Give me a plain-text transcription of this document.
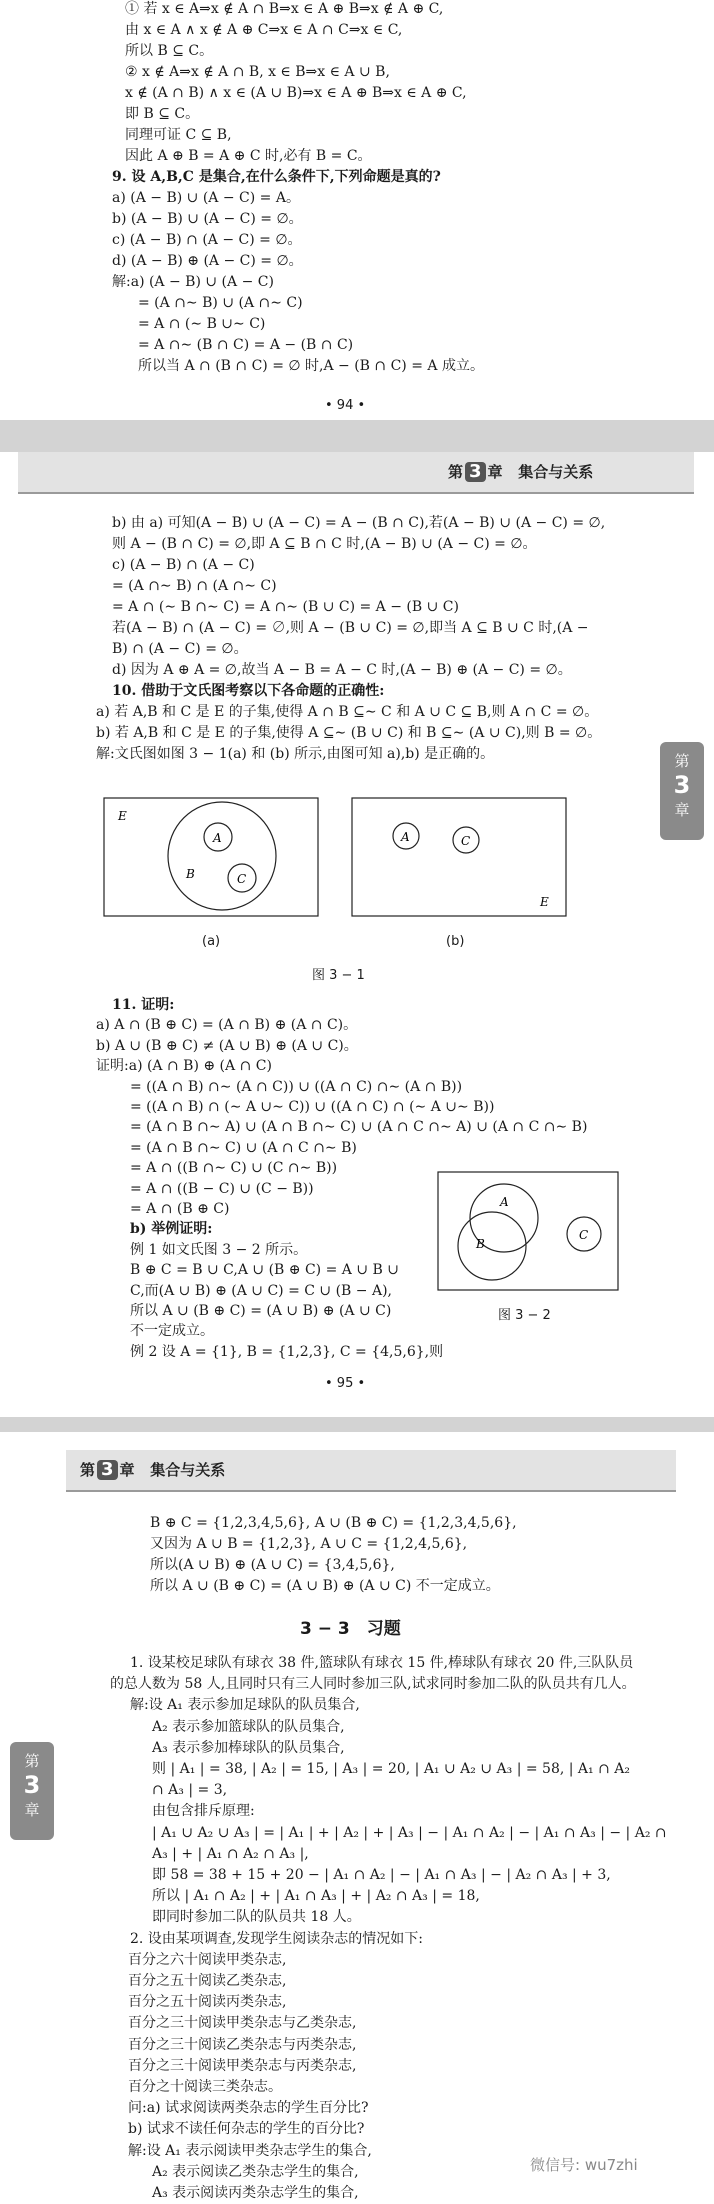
① 若 x ∈ A⇒x ∉ A ∩ B⇒x ∈ A ⊕ B⇒x ∉ A ⊕ C,
由 x ∈ A ∧ x ∉ A ⊕ C⇒x ∈ A ∩ C⇒x ∈ C,
所以 B ⊆ C。
② x ∉ A⇒x ∉ A ∩ B, x ∈ B⇒x ∈ A ∪ B,
x ∉ (A ∩ B) ∧ x ∈ (A ∪ B)⇒x ∈ A ⊕ B⇒x ∈ A ⊕ C,
即 B ⊆ C。
同理可证 C ⊆ B,
因此 A ⊕ B = A ⊕ C 时,必有 B = C。
9. 设 A,B,C 是集合,在什么条件下,下列命题是真的?
a) (A − B) ∪ (A − C) = A。
b) (A − B) ∪ (A − C) = ∅。
c) (A − B) ∩ (A − C) = ∅。
d) (A − B) ⊕ (A − C) = ∅。
解:a) (A − B) ∪ (A − C)
= (A ∩∼ B) ∪ (A ∩∼ C)
= A ∩ (∼ B ∪∼ C)
= A ∩∼ (B ∩ C) = A − (B ∩ C)
所以当 A ∩ (B ∩ C) = ∅ 时,A − (B ∩ C) = A 成立。
• 94 •
第 3 章 集合与关系
第
3
章
b) 由 a) 可知(A − B) ∪ (A − C) = A − (B ∩ C),若(A − B) ∪ (A − C) = ∅,
则 A − (B ∩ C) = ∅,即 A ⊆ B ∩ C 时,(A − B) ∪ (A − C) = ∅。
c) (A − B) ∩ (A − C)
= (A ∩∼ B) ∩ (A ∩∼ C)
= A ∩ (∼ B ∩∼ C) = A ∩∼ (B ∪ C) = A − (B ∪ C)
若(A − B) ∩ (A − C) = ∅,则 A − (B ∪ C) = ∅,即当 A ⊆ B ∪ C 时,(A −
B) ∩ (A − C) = ∅。
d) 因为 A ⊕ A = ∅,故当 A − B = A − C 时,(A − B) ⊕ (A − C) = ∅。
10. 借助于文氏图考察以下各命题的正确性:
a) 若 A,B 和 C 是 E 的子集,使得 A ∩ B ⊆∼ C 和 A ∪ C ⊆ B,则 A ∩ C = ∅。
b) 若 A,B 和 C 是 E 的子集,使得 A ⊆∼ (B ∪ C) 和 B ⊆∼ (A ∪ C),则 B = ∅。
解:文氏图如图 3 − 1(a) 和 (b) 所示,由图可知 a),b) 是正确的。
E
A
C
B
A	C
E
(a)	(b)
图 3 − 1
11. 证明:
a) A ∩ (B ⊕ C) = (A ∩ B) ⊕ (A ∩ C)。
b) A ∪ (B ⊕ C) ≠ (A ∪ B) ⊕ (A ∪ C)。
证明:a) (A ∩ B) ⊕ (A ∩ C)
= ((A ∩ B) ∩∼ (A ∩ C)) ∪ ((A ∩ C) ∩∼ (A ∩ B))
= ((A ∩ B) ∩ (∼ A ∪∼ C)) ∪ ((A ∩ C) ∩ (∼ A ∪∼ B))
= (A ∩ B ∩∼ A) ∪ (A ∩ B ∩∼ C) ∪ (A ∩ C ∩∼ A) ∪ (A ∩ C ∩∼ B)
= (A ∩ B ∩∼ C) ∪ (A ∩ C ∩∼ B)
= A ∩ ((B ∩∼ C) ∪ (C ∩∼ B))
= A ∩ ((B − C) ∪ (C − B))
= A ∩ (B ⊕ C)
b) 举例证明:
例 1 如文氏图 3 − 2 所示。
B ⊕ C = B ∪ C,A ∪ (B ⊕ C) = A ∪ B ∪
C,而(A ∪ B) ⊕ (A ∪ C) = C ∪ (B − A),
所以 A ∪ (B ⊕ C) = (A ∪ B) ⊕ (A ∪ C)
不一定成立。
例 2 设 A = {1}, B = {1,2,3}, C = {4,5,6},则
A
B
C
图 3 − 2
• 95 •
第 3 章 集合与关系
第
3
章
B ⊕ C = {1,2,3,4,5,6}, A ∪ (B ⊕ C) = {1,2,3,4,5,6},
又因为 A ∪ B = {1,2,3}, A ∪ C = {1,2,4,5,6},
所以(A ∪ B) ⊕ (A ∪ C) = {3,4,5,6},
所以 A ∪ (B ⊕ C) = (A ∪ B) ⊕ (A ∪ C) 不一定成立。
3 − 3　习题
1. 设某校足球队有球衣 38 件,篮球队有球衣 15 件,棒球队有球衣 20 件,三队队员
的总人数为 58 人,且同时只有三人同时参加三队,试求同时参加二队的队员共有几人。
解:设 A₁ 表示参加足球队的队员集合,
A₂ 表示参加篮球队的队员集合,
A₃ 表示参加棒球队的队员集合,
则 | A₁ | = 38, | A₂ | = 15, | A₃ | = 20, | A₁ ∪ A₂ ∪ A₃ | = 58, | A₁ ∩ A₂
∩ A₃ | = 3,
由包含排斥原理:
| A₁ ∪ A₂ ∪ A₃ | = | A₁ | + | A₂ | + | A₃ | − | A₁ ∩ A₂ | − | A₁ ∩ A₃ | − | A₂ ∩
A₃ | + | A₁ ∩ A₂ ∩ A₃ |,
即 58 = 38 + 15 + 20 − | A₁ ∩ A₂ | − | A₁ ∩ A₃ | − | A₂ ∩ A₃ | + 3,
所以 | A₁ ∩ A₂ | + | A₁ ∩ A₃ | + | A₂ ∩ A₃ | = 18,
即同时参加二队的队员共 18 人。
2. 设由某项调查,发现学生阅读杂志的情况如下:
百分之六十阅读甲类杂志,
百分之五十阅读乙类杂志,
百分之五十阅读丙类杂志,
百分之三十阅读甲类杂志与乙类杂志,
百分之三十阅读乙类杂志与丙类杂志,
百分之三十阅读甲类杂志与丙类杂志,
百分之十阅读三类杂志。
问:a) 试求阅读两类杂志的学生百分比?
b) 试求不读任何杂志的学生的百分比?
解:设 A₁ 表示阅读甲类杂志学生的集合,
A₂ 表示阅读乙类杂志学生的集合,
A₃ 表示阅读丙类杂志学生的集合,
微信号: wu7zhi
